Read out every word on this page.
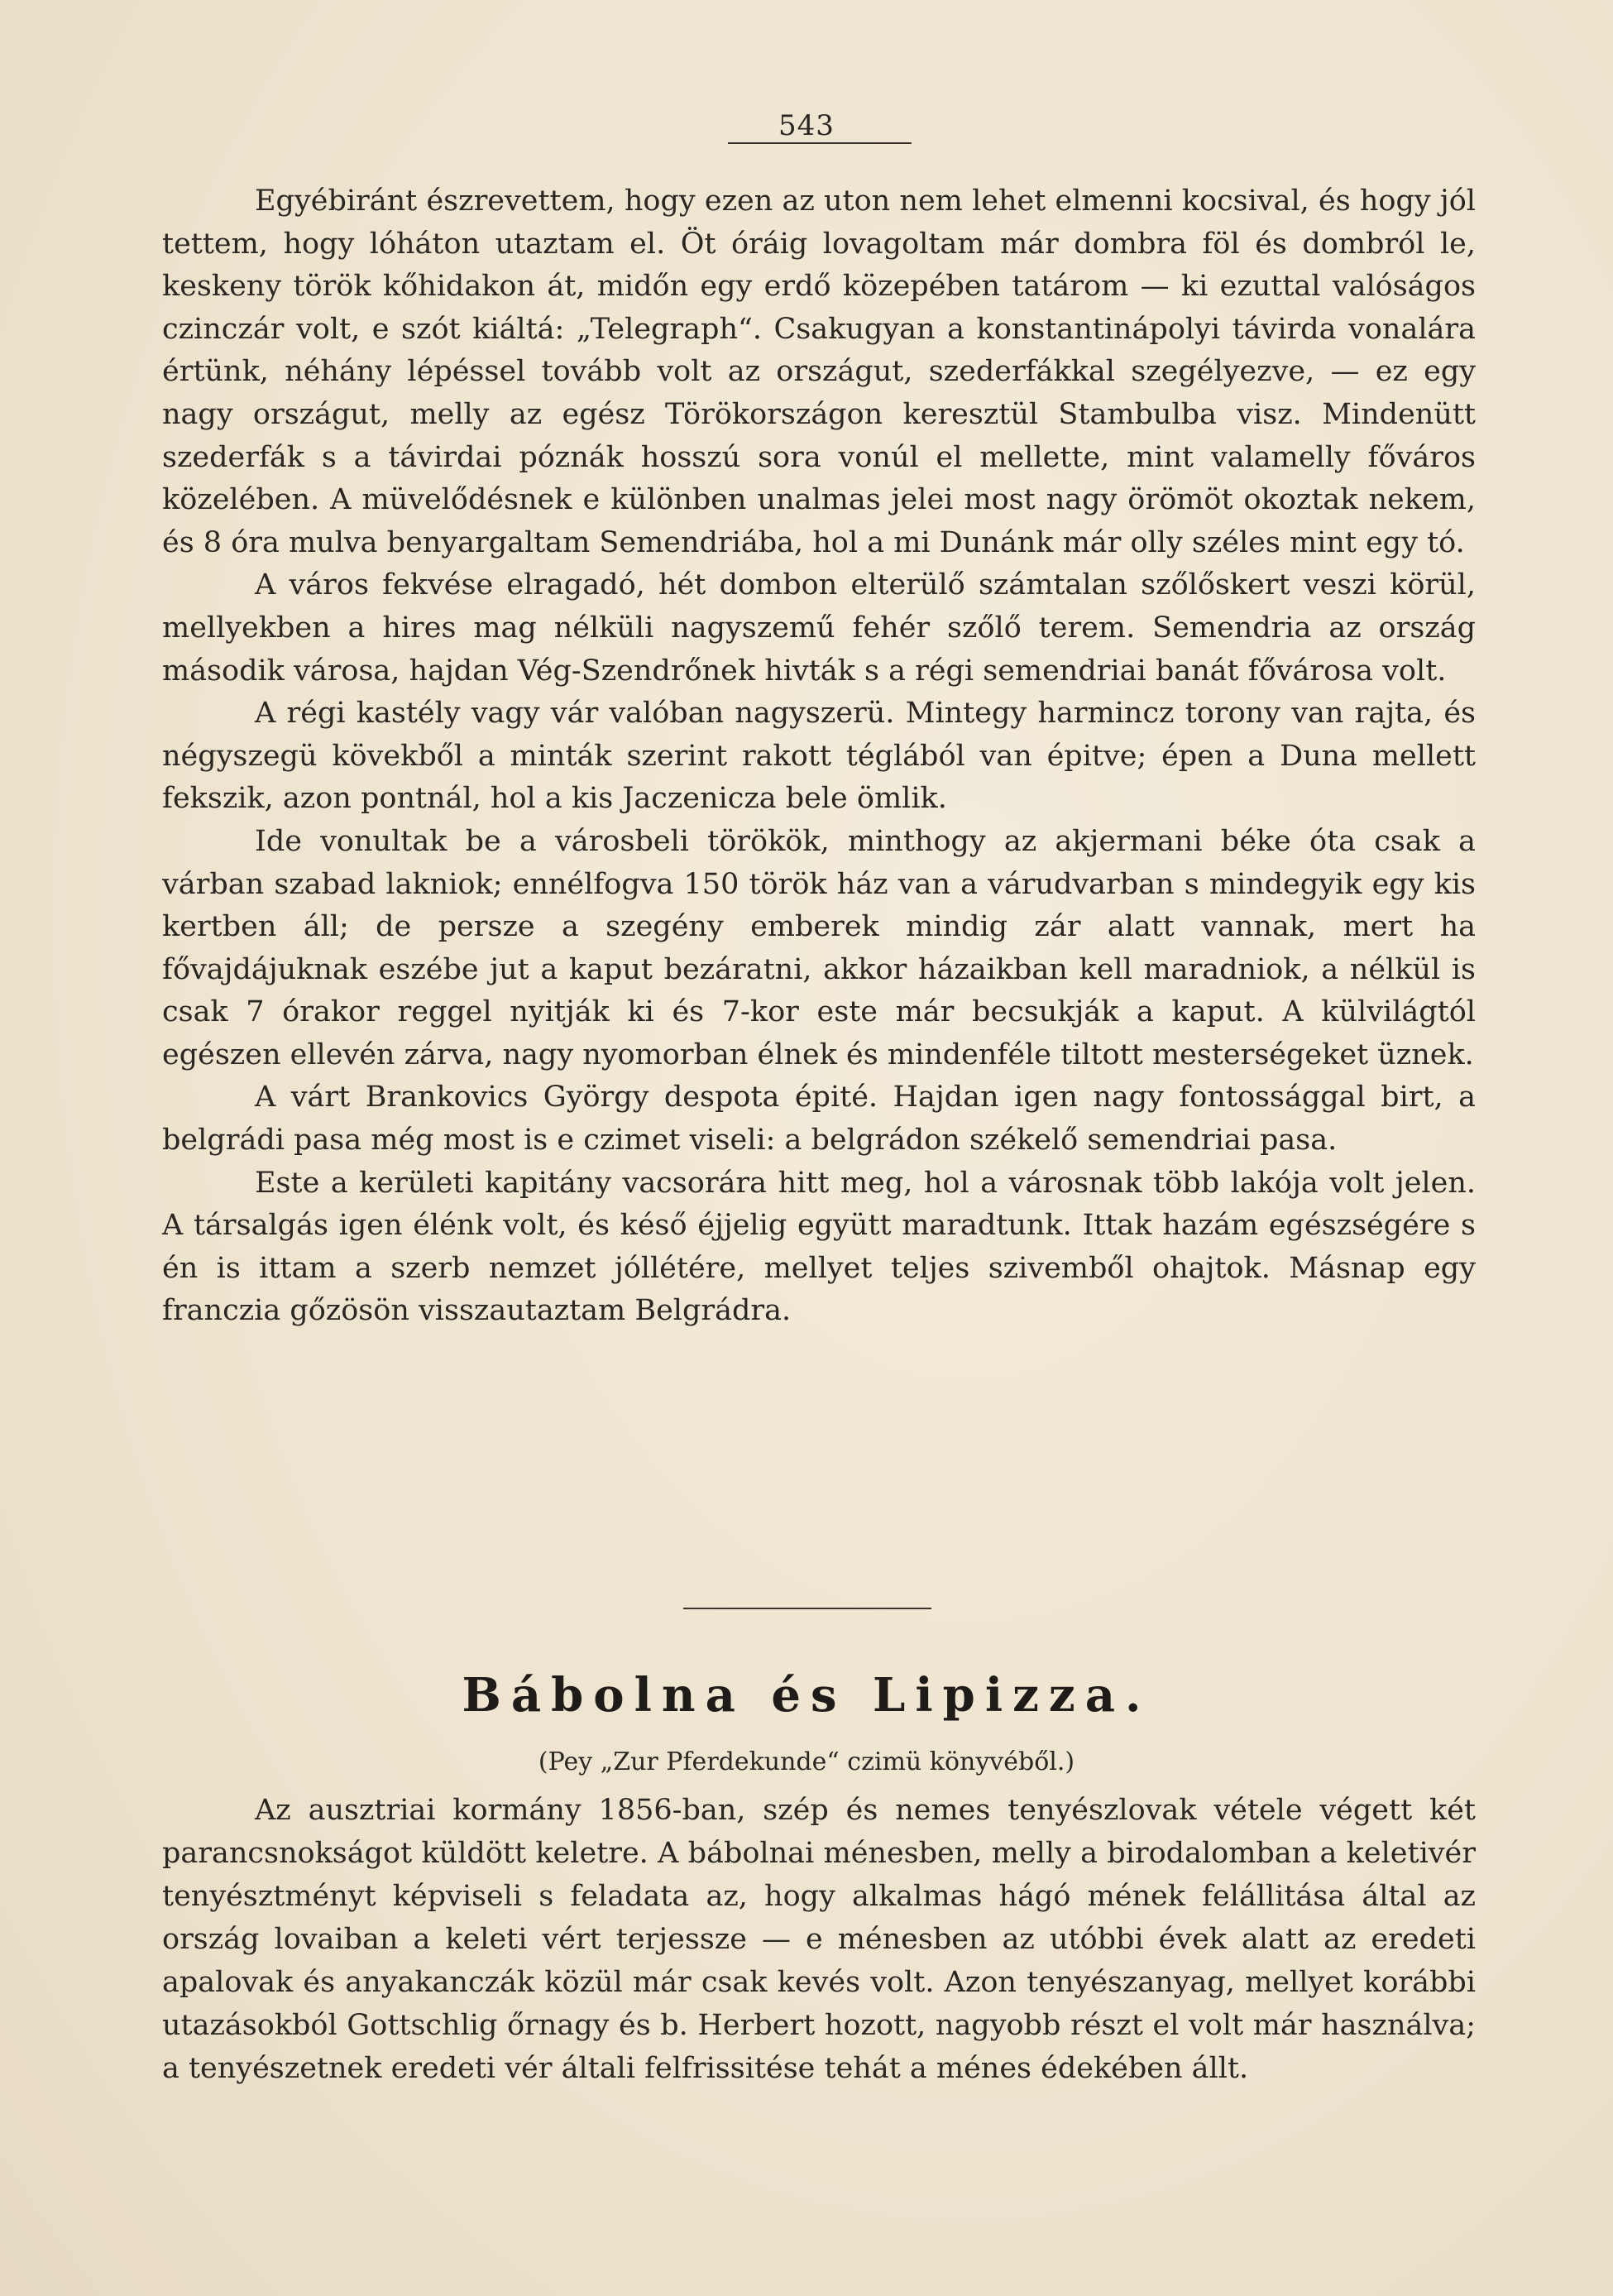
543

Egyébiránt észrevettem, hogy ezen az uton nem lehet elmenni kocsival, és hogy jól tettem, hogy lóháton utaztam el. Öt óráig lovagoltam már dombra föl és dombról le, keskeny török kőhidakon át, midőn egy erdő közepében tatárom — ki ezuttal valóságos czinczár volt, e szót kiáltá: „Telegraph“. Csakugyan a konstantinápolyi távirda vonalára értünk, néhány lépéssel tovább volt az országut, szederfákkal szegélyezve, — ez egy nagy országut, melly az egész Törökországon keresztül Stambulba visz. Mindenütt szederfák s a távirdai póznák hosszú sora vonúl el mellette, mint valamelly főváros közelében. A müvelődésnek e különben unalmas jelei most nagy örömöt okoztak nekem, és 8 óra mulva benyargaltam Semendriába, hol a mi Dunánk már olly széles mint egy tó.

A város fekvése elragadó, hét dombon elterülő számtalan szőlőskert veszi körül, mellyekben a hires mag nélküli nagyszemű fehér szőlő terem. Semendria az ország második városa, hajdan Vég-Szendrőnek hivták s a régi semendriai banát fővárosa volt.

A régi kastély vagy vár valóban nagyszerü. Mintegy harmincz torony van rajta, és négyszegü kövekből a minták szerint rakott téglából van épitve; épen a Duna mellett fekszik, azon pontnál, hol a kis Jaczenicza bele ömlik.

Ide vonultak be a városbeli törökök, minthogy az akjermani béke óta csak a várban szabad lakniok; ennélfogva 150 török ház van a várudvarban s mindegyik egy kis kertben áll; de persze a szegény emberek mindig zár alatt vannak, mert ha fővajdájuknak eszébe jut a kaput bezáratni, akkor házaikban kell maradniok, a nélkül is csak 7 órakor reggel nyitják ki és 7-kor este már becsukják a kaput. A külvilágtól egészen ellevén zárva, nagy nyomorban élnek és mindenféle tiltott mesterségeket üznek.

A várt Brankovics György despota épité. Hajdan igen nagy fontossággal birt, a belgrádi pasa még most is e czimet viseli: a belgrádon székelő semendriai pasa.

Este a kerületi kapitány vacsorára hitt meg, hol a városnak több lakója volt jelen. A társalgás igen élénk volt, és késő éjjelig együtt maradtunk. Ittak hazám egészségére s én is ittam a szerb nemzet jóllétére, mellyet teljes szivemből ohajtok. Másnap egy franczia gőzösön visszautaztam Belgrádra.

Bábolna és Lipizza.
(Pey „Zur Pferdekunde“ czimü könyvéből.)

Az ausztriai kormány 1856-ban, szép és nemes tenyészlovak vétele végett két parancsnokságot küldött keletre. A bábolnai ménesben, melly a birodalomban a keletivér tenyésztményt képviseli s feladata az, hogy alkalmas hágó mének felállitása által az ország lovaiban a keleti vért terjessze — e ménesben az utóbbi évek alatt az eredeti apalovak és anyakanczák közül már csak kevés volt. Azon tenyészanyag, mellyet korábbi utazásokból Gottschlig őrnagy és b. Herbert hozott, nagyobb részt el volt már használva; a tenyészetnek eredeti vér általi felfrissitése tehát a ménes édekében állt.
